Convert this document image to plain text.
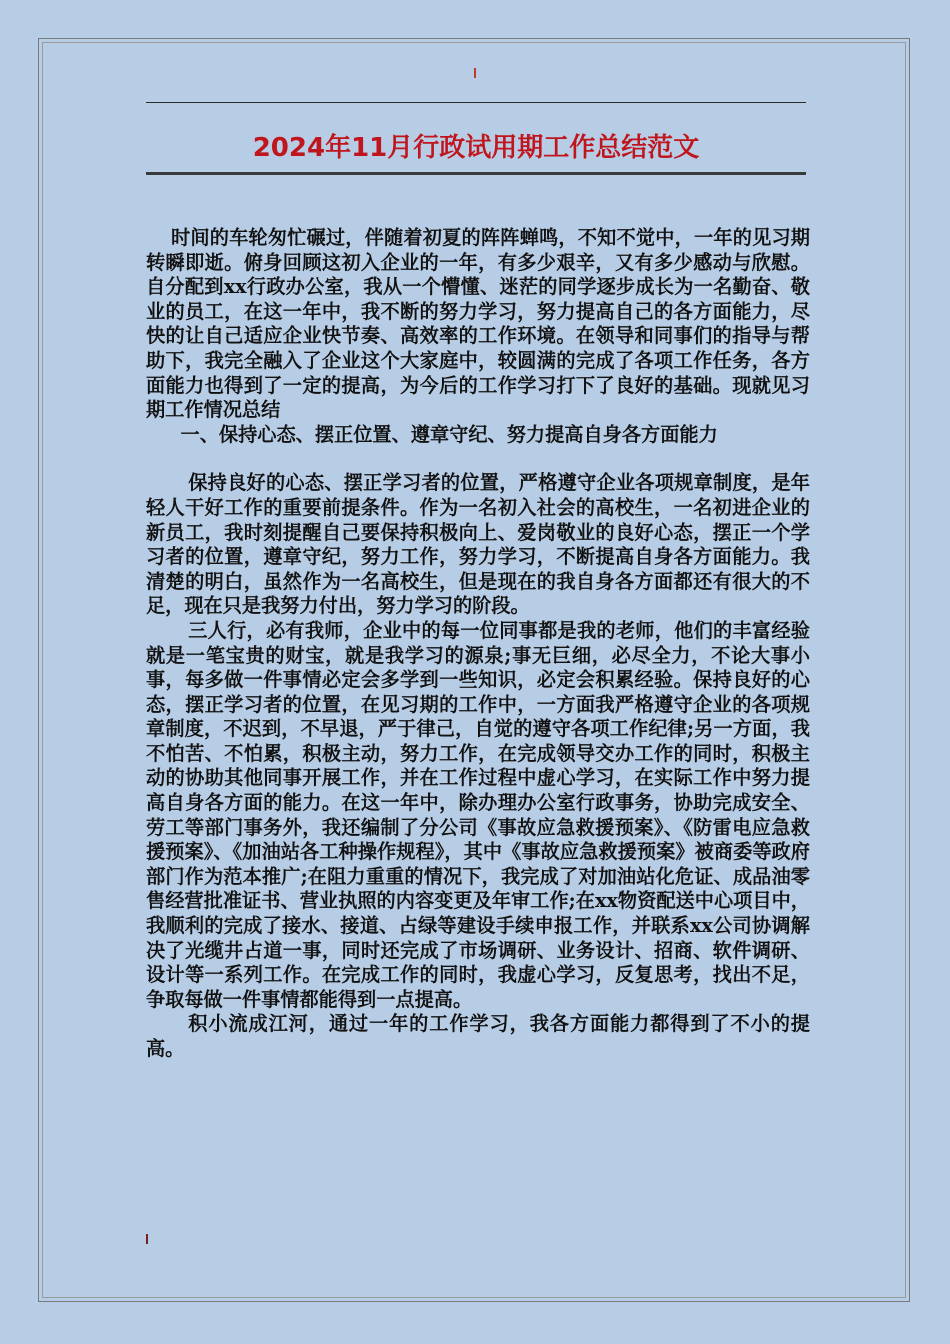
2024年11月行政试用期工作总结范文

时间的车轮匆忙碾过，伴随着初夏的阵阵蝉鸣，不知不觉中，一年的见习期转瞬即逝。俯身回顾这初入企业的一年，有多少艰辛，又有多少感动与欣慰。自分配到xx行政办公室，我从一个懵懂、迷茫的同学逐步成长为一名勤奋、敬业的员工，在这一年中，我不断的努力学习，努力提高自己的各方面能力，尽快的让自己适应企业快节奏、高效率的工作环境。在领导和同事们的指导与帮助下，我完全融入了企业这个大家庭中，较圆满的完成了各项工作任务，各方面能力也得到了一定的提高，为今后的工作学习打下了良好的基础。现就见习期工作情况总结

一、保持心态、摆正位置、遵章守纪、努力提高自身各方面能力

保持良好的心态、摆正学习者的位置，严格遵守企业各项规章制度，是年轻人干好工作的重要前提条件。作为一名初入社会的高校生，一名初进企业的新员工，我时刻提醒自己要保持积极向上、爱岗敬业的良好心态，摆正一个学习者的位置，遵章守纪，努力工作，努力学习，不断提高自身各方面能力。我清楚的明白，虽然作为一名高校生，但是现在的我自身各方面都还有很大的不足，现在只是我努力付出，努力学习的阶段。

三人行，必有我师，企业中的每一位同事都是我的老师，他们的丰富经验就是一笔宝贵的财宝，就是我学习的源泉;事无巨细，必尽全力，不论大事小事，每多做一件事情必定会多学到一些知识，必定会积累经验。保持良好的心态，摆正学习者的位置，在见习期的工作中，一方面我严格遵守企业的各项规章制度，不迟到，不早退，严于律己，自觉的遵守各项工作纪律;另一方面，我不怕苦、不怕累，积极主动，努力工作，在完成领导交办工作的同时，积极主动的协助其他同事开展工作，并在工作过程中虚心学习，在实际工作中努力提高自身各方面的能力。在这一年中，除办理办公室行政事务，协助完成安全、劳工等部门事务外，我还编制了分公司《事故应急救援预案》、《防雷电应急救援预案》、《加油站各工种操作规程》，其中《事故应急救援预案》被商委等政府部门作为范本推广;在阻力重重的情况下，我完成了对加油站化危证、成品油零售经营批准证书、营业执照的内容变更及年审工作;在xx物资配送中心项目中，我顺利的完成了接水、接道、占绿等建设手续申报工作，并联系xx公司协调解决了光缆井占道一事，同时还完成了市场调研、业务设计、招商、软件调研、设计等一系列工作。在完成工作的同时，我虚心学习，反复思考，找出不足，争取每做一件事情都能得到一点提高。

积小流成江河，通过一年的工作学习，我各方面能力都得到了不小的提高。
